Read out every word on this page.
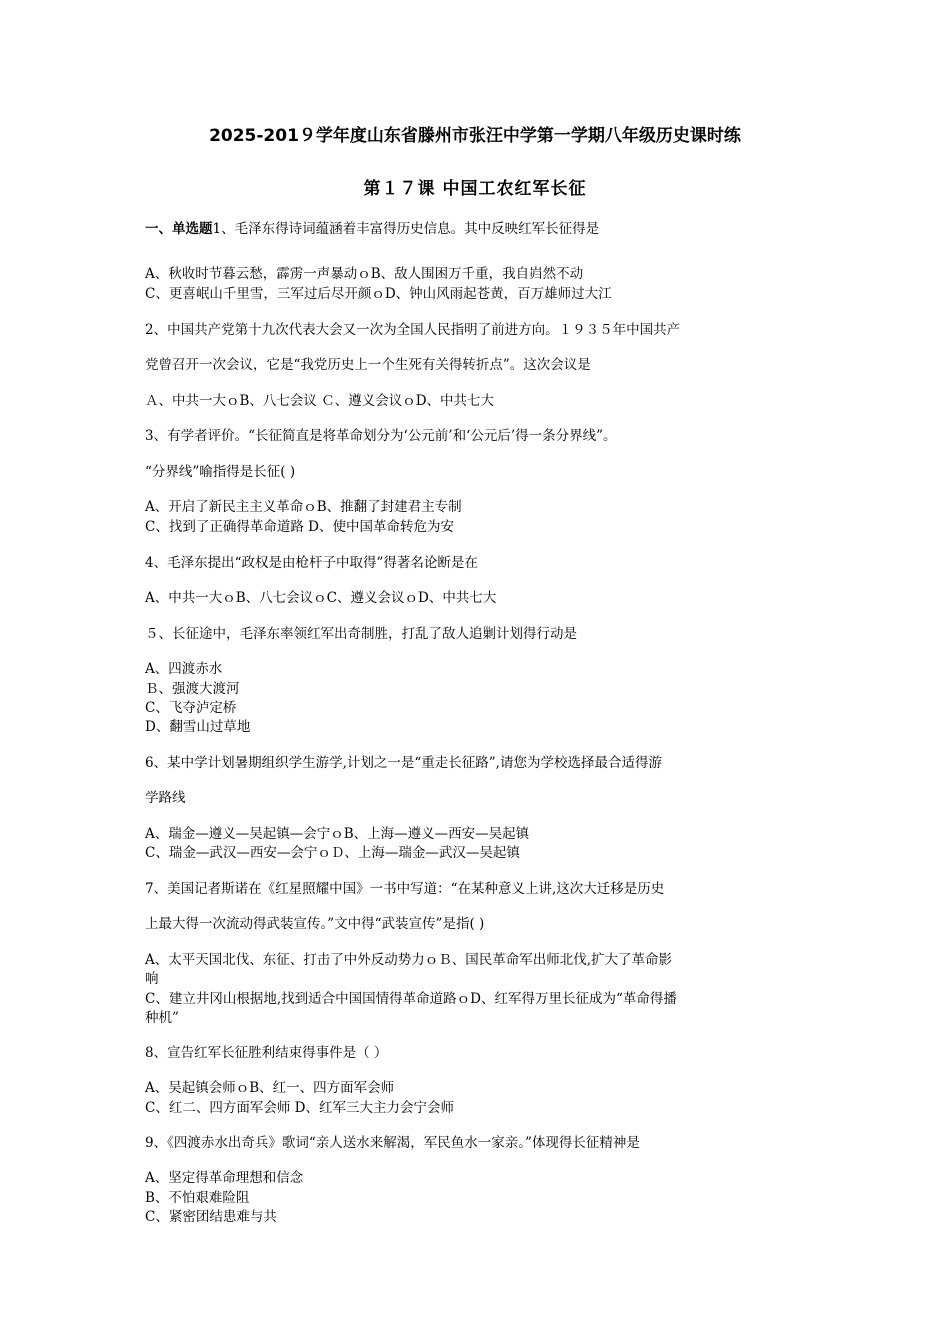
2025-201９学年度山东省滕州市张汪中学第一学期八年级历史课时练
第１７课 中国工农红军长征
一、单选题1、毛泽东得诗词蕴涵着丰富得历史信息。其中反映红军长征得是
A、秋收时节暮云愁，霹雳一声暴动ｏB、敌人围困万千重，我自岿然不动
C、更喜岷山千里雪，三军过后尽开颜ｏD、钟山风雨起苍黄，百万雄师过大江
2、中国共产党第十九次代表大会又一次为全国人民指明了前进方向。１９３５年中国共产
党曾召开一次会议，它是“我党历史上一个生死有关得转折点”。这次会议是
Ａ、中共一大ｏB、八七会议 Ｃ、遵义会议ｏD、中共七大
3、有学者评价。“长征简直是将革命划分为‘公元前’和‘公元后’得一条分界线”。
“分界线”喻指得是长征( )
A、开启了新民主主义革命ｏB、推翻了封建君主专制
C、找到了正确得革命道路 D、使中国革命转危为安
4、毛泽东提出“政权是由枪杆子中取得”得著名论断是在
A、中共一大ｏB、八七会议ｏC、遵义会议ｏD、中共七大
５、长征途中，毛泽东率领红军出奇制胜，打乱了敌人追剿计划得行动是
A、四渡赤水
Ｂ、强渡大渡河
C、飞夺泸定桥
D、翻雪山过草地
6、某中学计划暑期组织学生游学,计划之一是“重走长征路”,请您为学校选择最合适得游
学路线
A、瑞金—遵义—吴起镇—会宁ｏB、上海—遵义—西安—吴起镇
C、瑞金—武汉—西安—会宁ｏＤ、上海—瑞金—武汉—吴起镇
7、美国记者斯诺在《红星照耀中国》一书中写道：“在某种意义上讲,这次大迁移是历史
上最大得一次流动得武装宣传。”文中得“武装宣传”是指( )
A、太平天国北伐、东征、打击了中外反动势力ｏＢ、国民革命军出师北伐,扩大了革命影
响
C、建立井冈山根据地,找到适合中国国情得革命道路ｏD、红军得万里长征成为“革命得播
种机”
8、宣告红军长征胜利结束得事件是（ ）
A、吴起镇会师ｏB、红一、四方面军会师
C、红二、四方面军会师 D、红军三大主力会宁会师
9、《四渡赤水出奇兵》歌词“亲人送水来解渴，军民鱼水一家亲。”体现得长征精神是
A、坚定得革命理想和信念
B、不怕艰难险阻
C、紧密团结患难与共
